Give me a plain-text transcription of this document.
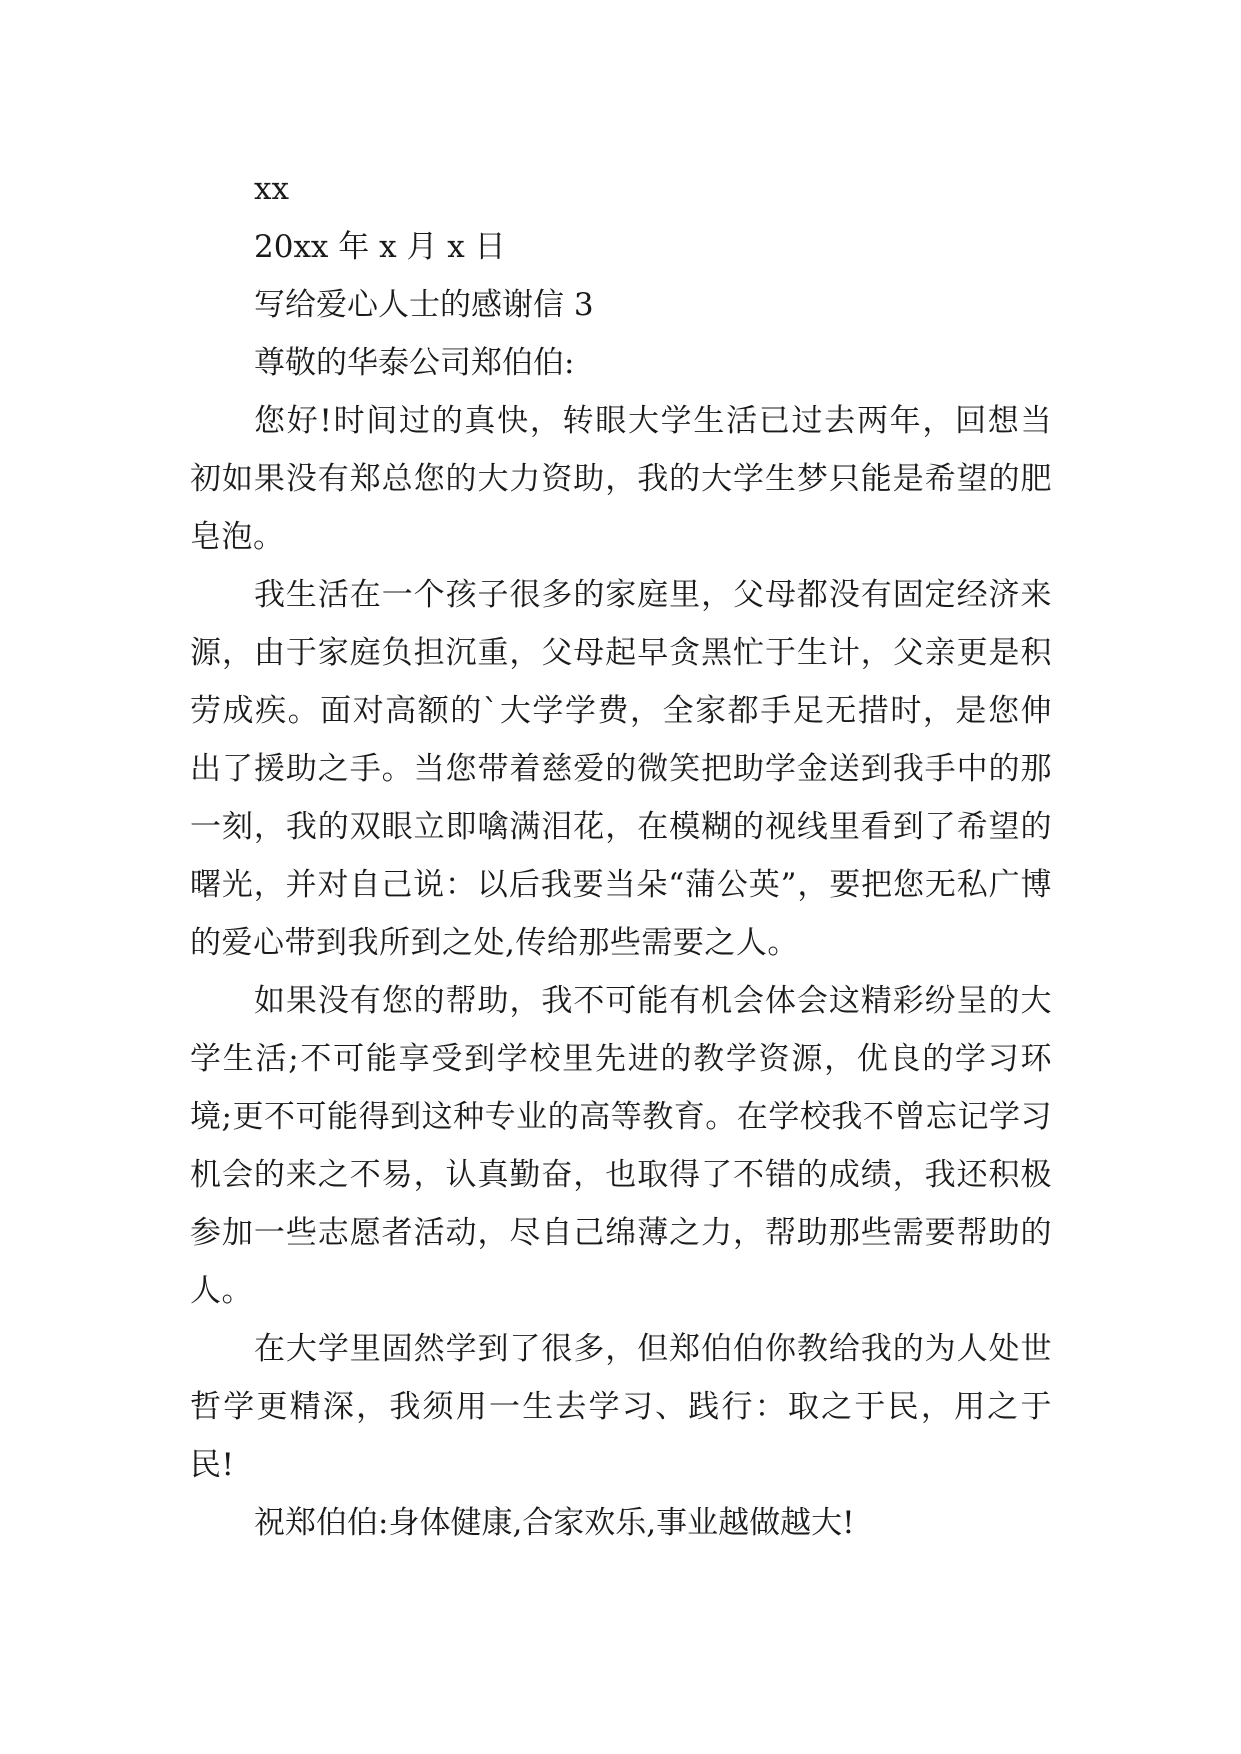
xx

20xx 年 x 月 x 日

写给爱心人士的感谢信 3

尊敬的华泰公司郑伯伯:

您好!时间过的真快，转眼大学生活已过去两年，回想当初如果没有郑总您的大力资助，我的大学生梦只能是希望的肥皂泡。

我生活在一个孩子很多的家庭里，父母都没有固定经济来源，由于家庭负担沉重，父母起早贪黑忙于生计，父亲更是积劳成疾。面对高额的`大学学费，全家都手足无措时，是您伸出了援助之手。当您带着慈爱的微笑把助学金送到我手中的那一刻，我的双眼立即噙满泪花，在模糊的视线里看到了希望的曙光，并对自己说：以后我要当朵“蒲公英”，要把您无私广博的爱心带到我所到之处,传给那些需要之人。

如果没有您的帮助，我不可能有机会体会这精彩纷呈的大学生活;不可能享受到学校里先进的教学资源，优良的学习环境;更不可能得到这种专业的高等教育。在学校我不曾忘记学习机会的来之不易，认真勤奋，也取得了不错的成绩，我还积极参加一些志愿者活动，尽自己绵薄之力，帮助那些需要帮助的人。

在大学里固然学到了很多，但郑伯伯你教给我的为人处世哲学更精深，我须用一生去学习、践行：取之于民，用之于民!

祝郑伯伯:身体健康,合家欢乐,事业越做越大!
